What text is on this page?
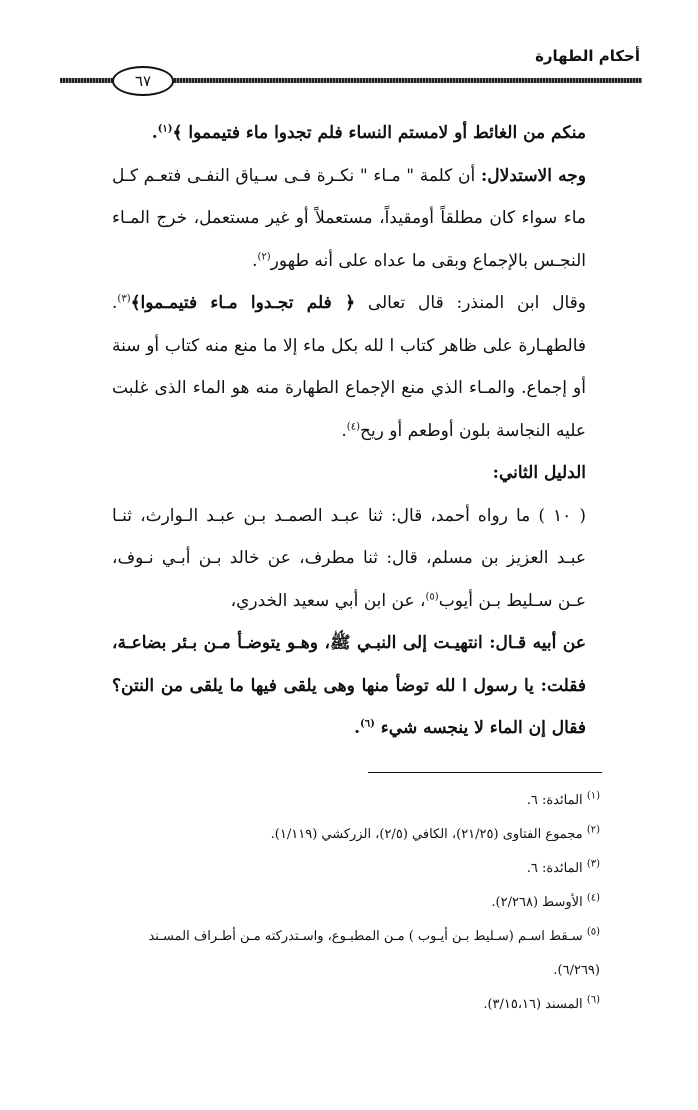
أحكام الطهارة
٦٧

منكم من الغائط أو لامستم النساء فلم تجدوا ماء فتيمموا ﴾$^{(١)}$.

وجه الاستدلال: أن كلمة " مـاء " نكـرة فـى سـياق النفـى فتعـم كـل ماء سواء كان مطلقاً أومقيداً، مستعملاً أو غير مستعمل، خرج المـاء النجـس بالإجماع وبقى ما عداه على أنه طهور$^{(٢)}$.

وقال ابن المنذر: قال تعالى ﴿ فلم تجـدوا مـاء فتيمـموا﴾$^{(٣)}$. فالطهـارة على ظاهر كتاب ا لله بكل ماء إلا ما منع منه كتاب أو سنة أو إجماع. والمـاء الذي منع الإجماع الطهارة منه هو الماء الذى غلبت عليه النجاسة بلون أوطعم أو ريح$^{(٤)}$.

الدليل الثاني:

( ١٠ ) ما رواه أحمد، قال: ثنا عبـد الصمـد بـن عبـد الـوارث، ثنـا عبـد العزيز بن مسلم، قال: ثنا مطرف، عن خالد بـن أبـي نـوف، عـن سـليط بـن أيوب$^{(٥)}$، عن ابن أبي سعيد الخدري،

عن أبيه قـال: انتهيـت إلى النبـي ﷺ، وهـو يتوضـأ مـن بـئر بضاعـة، فقلت: يا رسول ا لله توضأ منها وهى يلقى فيها ما يلقى من النتن؟ فقال إن الماء لا ينجسه شيء $^{(٦)}$.

$^{(١)}$ المائدة: ٦.

$^{(٢)}$ مجموع الفتاوى (٢١/٢٥)، الكافي (٢/٥)، الزركشي (١/١١٩).

$^{(٣)}$ المائدة: ٦.

$^{(٤)}$ الأوسط (٢/٢٦٨).

$^{(٥)}$ سـقط اسـم (سـليط بـن أيـوب ) مـن المطبـوع، واسـتدركته مـن أطـراف المسـند (٦/٢٦٩).

$^{(٦)}$ المسند (٣/١٥،١٦).
